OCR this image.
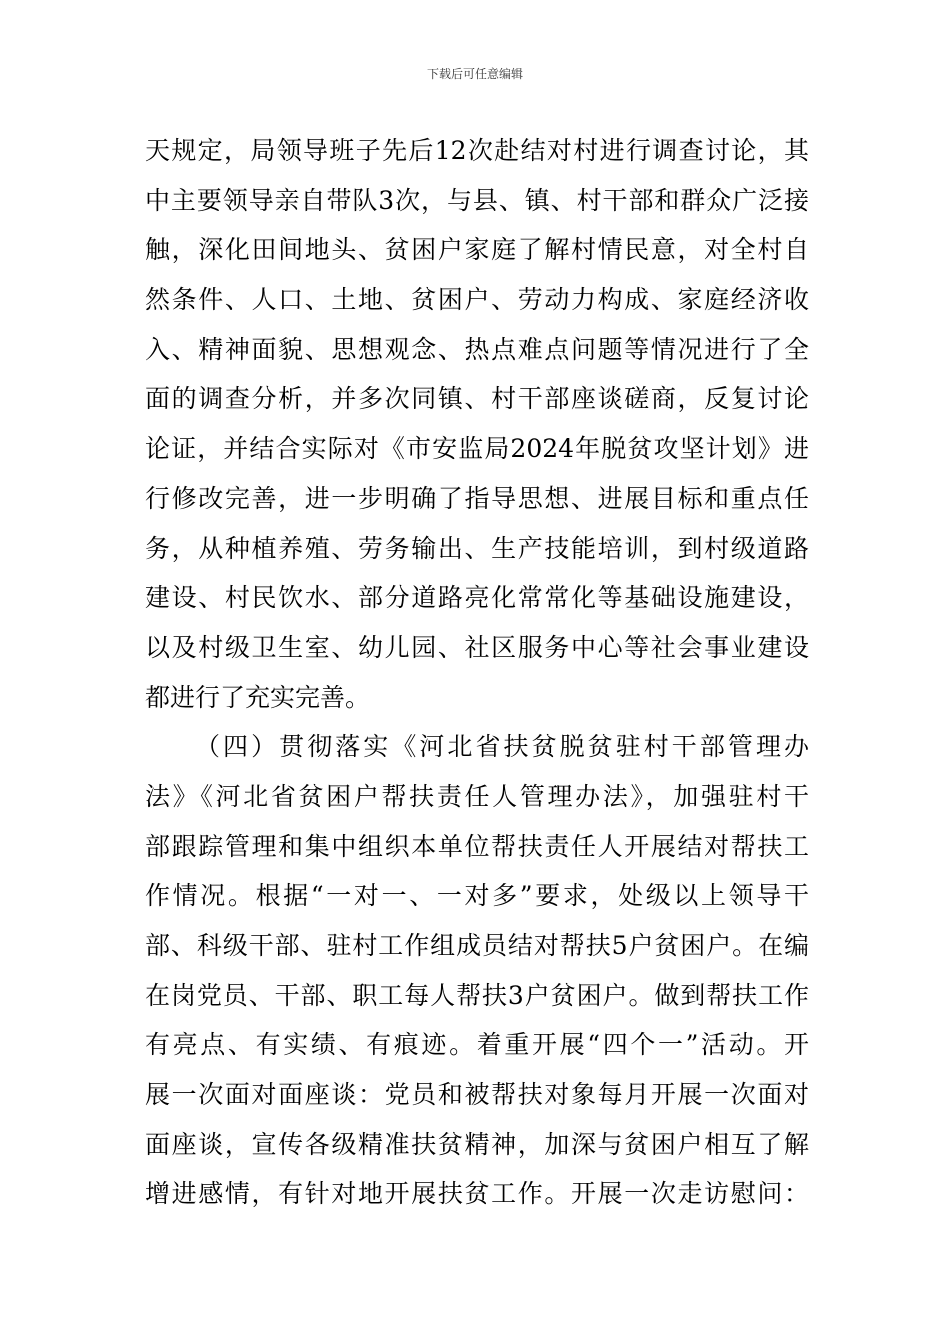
下载后可任意编辑
天规定，局领导班子先后12次赴结对村进行调查讨论，其
中主要领导亲自带队3次，与县、镇、村干部和群众广泛接
触，深化田间地头、贫困户家庭了解村情民意，对全村自
然条件、人口、土地、贫困户、劳动力构成、家庭经济收
入、精神面貌、思想观念、热点难点问题等情况进行了全
面的调查分析，并多次同镇、村干部座谈磋商，反复讨论
论证，并结合实际对《市安监局2024年脱贫攻坚计划》进
行修改完善，进一步明确了指导思想、进展目标和重点任
务，从种植养殖、劳务输出、生产技能培训，到村级道路
建设、村民饮水、部分道路亮化常常化等基础设施建设，
以及村级卫生室、幼儿园、社区服务中心等社会事业建设
都进行了充实完善。
（四）贯彻落实《河北省扶贫脱贫驻村干部管理办
法》《河北省贫困户帮扶责任人管理办法》，加强驻村干
部跟踪管理和集中组织本单位帮扶责任人开展结对帮扶工
作情况。根据“一对一、一对多”要求，处级以上领导干
部、科级干部、驻村工作组成员结对帮扶5户贫困户。在编
在岗党员、干部、职工每人帮扶3户贫困户。做到帮扶工作
有亮点、有实绩、有痕迹。着重开展“四个一”活动。开
展一次面对面座谈：党员和被帮扶对象每月开展一次面对
面座谈，宣传各级精准扶贫精神，加深与贫困户相互了解
增进感情，有针对地开展扶贫工作。开展一次走访慰问：
